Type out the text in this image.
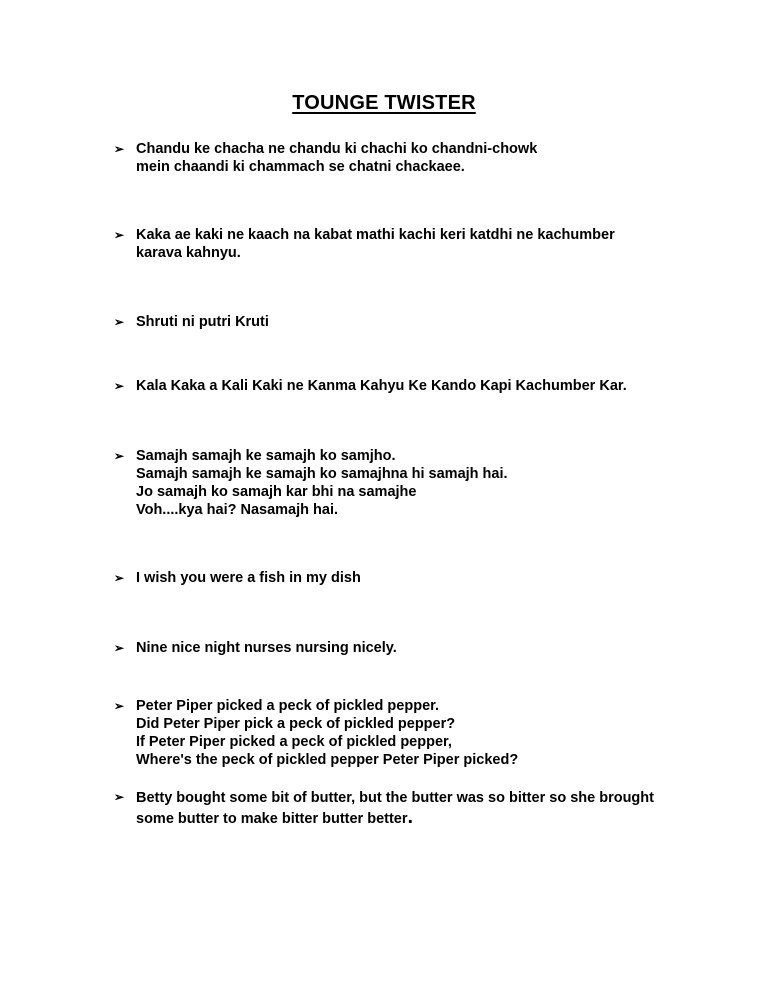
TOUNGE TWISTER
➢ Chandu ke chacha ne chandu ki chachi ko chandni-chowk
mein chaandi ki chammach se chatni chackaee.
➢ Kaka ae kaki ne kaach na kabat mathi kachi keri katdhi ne kachumber
karava kahnyu.
➢ Shruti ni putri Kruti
➢ Kala Kaka a Kali Kaki ne Kanma Kahyu Ke Kando Kapi Kachumber Kar.
➢ Samajh samajh ke samajh ko samjho.
Samajh samajh ke samajh ko samajhna hi samajh hai.
Jo samajh ko samajh kar bhi na samajhe
Voh....kya hai? Nasamajh hai.
➢ I wish you were a fish in my dish
➢ Nine nice night nurses nursing nicely.
➢ Peter Piper picked a peck of pickled pepper.
Did Peter Piper pick a peck of pickled pepper?
If Peter Piper picked a peck of pickled pepper,
Where's the peck of pickled pepper Peter Piper picked?
➢ Betty bought some bit of butter, but the butter was so bitter so she brought
some butter to make bitter butter better.
